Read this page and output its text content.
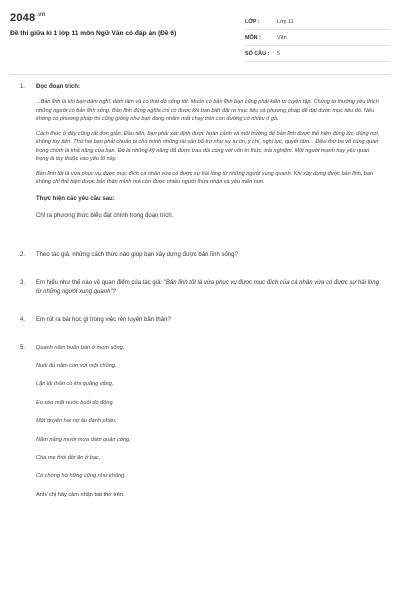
$2048^{.vn}$
Đề thi giữa kì 1 lớp 11 môn Ngữ Văn có đáp án (Đề 6)
LỚP :	Lớp 11
MÔN :	Văn
SỐ CÂU :	5
1.	Đọc đoạn trích:
...Bản lĩnh là khi bạn dám nghĩ, dám làm và có thái độ sống tốt. Muốn có bản lĩnh bạn cũng phải kiên trì luyện tập. Chúng ta thường yêu thích những người có bản lĩnh sống. Bản lĩnh đúng nghĩa chỉ có được khi bạn biết đặt ra mục tiêu và phương pháp để đạt được mục tiêu đó. Nếu không có phương pháp thì cũng giống như bạn đang nhắm mắt chạy trên con đường có nhiều ổ gà.
Cách thức ở đây cũng rất đơn giản. Đầu tiên, bạn phải xác định được hoàn cảnh và môi trường để bản lĩnh được thể hiện đúng lúc, đúng nơi, không tùy tiện. Thứ hai bạn phải chuẩn bị cho mình những tài sản bổ trợ như sự tự tin, ý chí, nghị lực, quyết tâm... Điều thứ ba vô cùng quan trọng chính là khả năng của bạn. Đó là những kỹ năng đã được trau dồi cùng với vốn tri thức, trải nghiệm. Một người mạnh hay yếu quan trọng là tùy thuộc vào yếu tố này.
Bản lĩnh tốt là vừa phục vụ được mục đích cá nhân vừa có được sự hài lòng từ những người xung quanh. Khi xây dựng được bản lĩnh, bạn không chỉ thể hiện được bản thân mình mà còn được nhiều người thừa nhận và yêu mến hơn.
Thực hiện các yêu cầu sau:
Chỉ ra phương thức biểu đạt chính trong đoạn trích.
2.	Theo tác giả, những cách thức nào giúp bạn xây dựng được bản lĩnh sống?
3.	Em hiểu như thế nào về quan điểm của tác giả: "Bản lĩnh tốt là vừa phục vụ được mục đích của cá nhân vừa có được sự hài lòng từ những người xung quanh"?
4.	Em rút ra bài học gì trong việc rèn luyện bản thân?
5.	Quanh năm buôn bán ở mom sông,
Nuôi đủ năm con với một chồng.
Lặn lội thân cò khi quãng vắng,
Eo sèo mặt nước buổi đò đông.
Một duyên hai nợ âu đành phận,
Năm nắng mười mưa dám quản công.
Cha mẹ thói đời ăn ở bạc,
Có chồng hờ hững cũng như không.
Anh/ chị hãy cảm nhận bài thơ trên.
